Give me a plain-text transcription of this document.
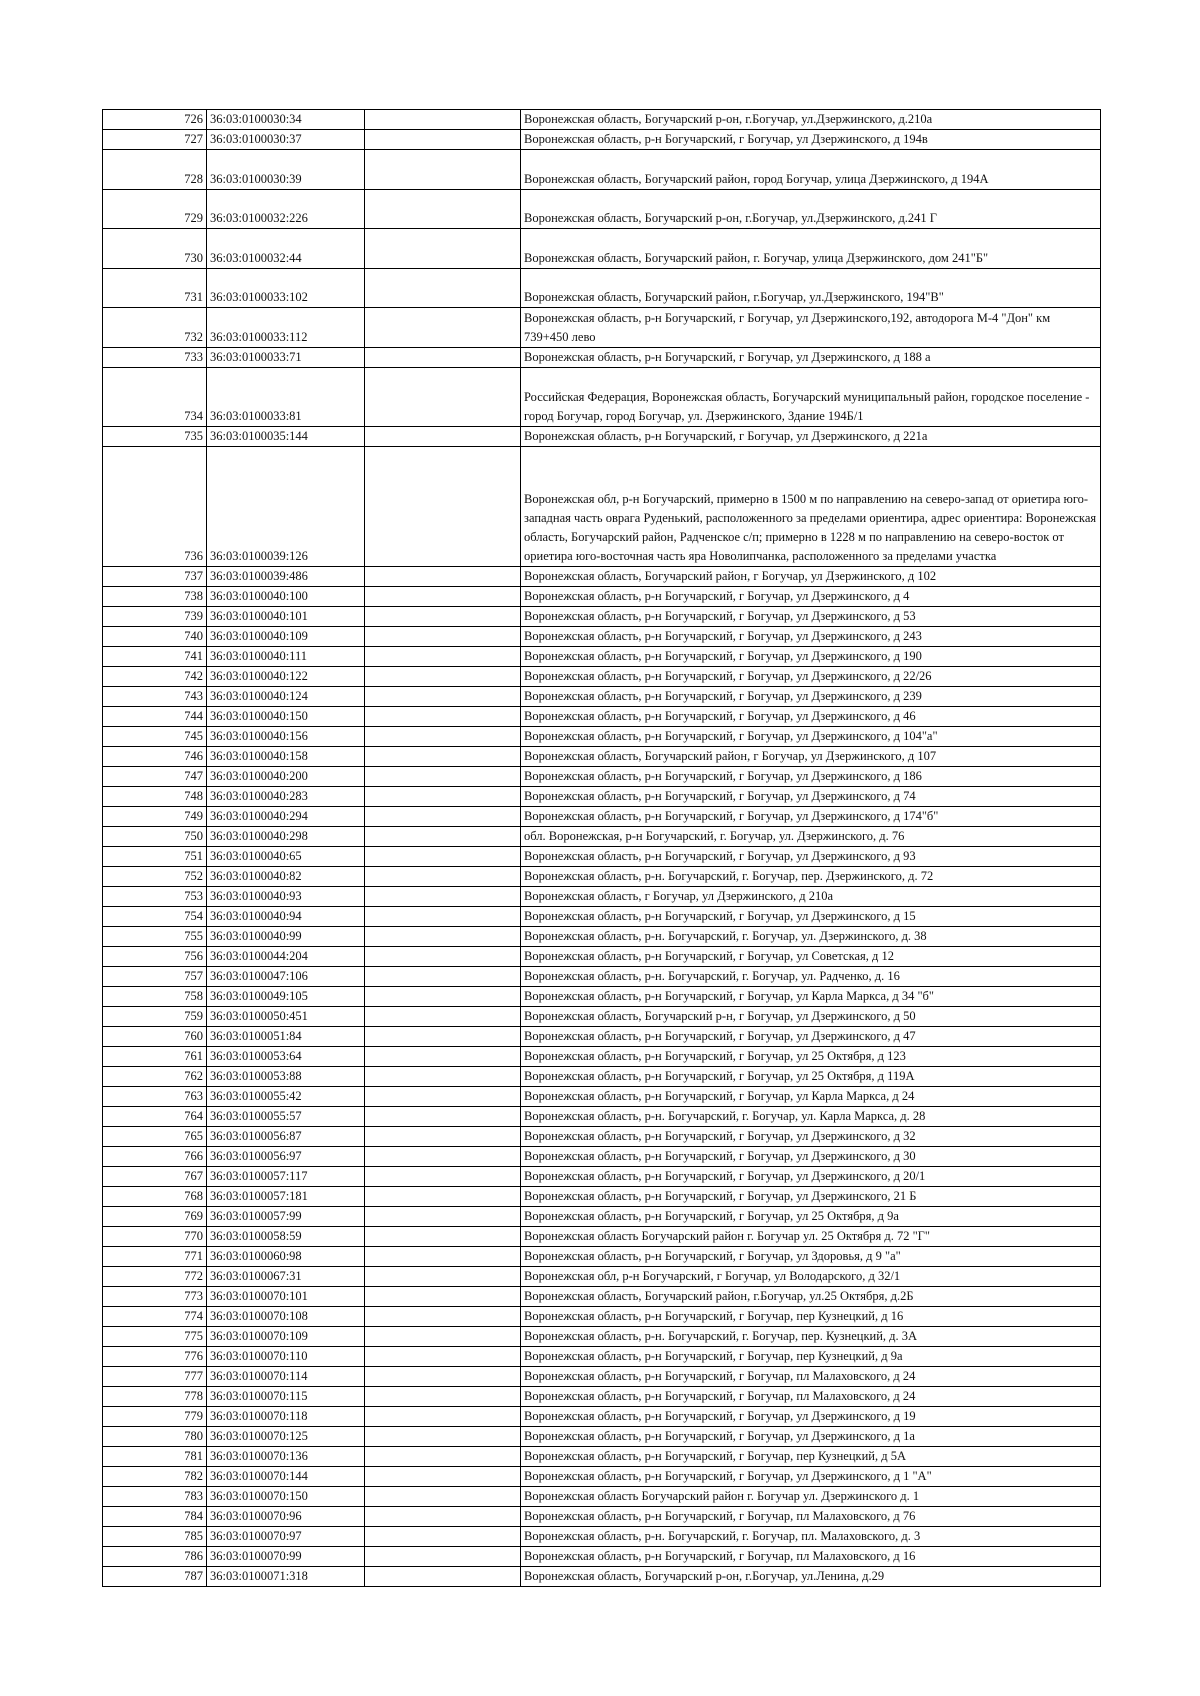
726	36:03:0100030:34		Воронежская область, Богучарский р-он, г.Богучар, ул.Дзержинского, д.210а
727	36:03:0100030:37		Воронежская область, р-н Богучарский, г Богучар, ул Дзержинского, д 194в
728	36:03:0100030:39		Воронежская область, Богучарский район, город Богучар, улица Дзержинского, д 194А
729	36:03:0100032:226		Воронежская область, Богучарский р-он, г.Богучар, ул.Дзержинского, д.241 Г
730	36:03:0100032:44		Воронежская область, Богучарский район, г. Богучар, улица Дзержинского, дом 241"Б"
731	36:03:0100033:102		Воронежская область, Богучарский район, г.Богучар, ул.Дзержинского, 194"В"
732	36:03:0100033:112		Воронежская область, р-н Богучарский, г Богучар, ул Дзержинского,192, автодорога М-4 "Дон" км 739+450 лево
733	36:03:0100033:71		Воронежская область, р-н Богучарский, г Богучар, ул Дзержинского, д 188 а
734	36:03:0100033:81		Российская Федерация, Воронежская область, Богучарский муниципальный район, городское поселение - город Богучар, город Богучар, ул. Дзержинского, Здание 194Б/1
735	36:03:0100035:144		Воронежская область, р-н Богучарский, г Богучар, ул Дзержинского, д 221а
736	36:03:0100039:126		Воронежская обл, р-н Богучарский, примерно в 1500 м по направлению на северо-запад от ориетира юго-западная часть оврага Руденький, расположенного за пределами ориентира, адрес ориентира: Воронежская область, Богучарский район, Радченское с/п; примерно в 1228 м по направлению на северо-восток от ориетира юго-восточная часть яра Новолипчанка, расположенного за пределами участка
737	36:03:0100039:486		Воронежская область, Богучарский район, г Богучар, ул Дзержинского, д 102
738	36:03:0100040:100		Воронежская область, р-н Богучарский, г Богучар, ул Дзержинского, д 4
739	36:03:0100040:101		Воронежская область, р-н Богучарский, г Богучар, ул Дзержинского, д 53
740	36:03:0100040:109		Воронежская область, р-н Богучарский, г Богучар, ул Дзержинского, д 243
741	36:03:0100040:111		Воронежская область, р-н Богучарский, г Богучар, ул Дзержинского, д 190
742	36:03:0100040:122		Воронежская область, р-н Богучарский, г Богучар, ул Дзержинского, д 22/26
743	36:03:0100040:124		Воронежская область, р-н Богучарский, г Богучар, ул Дзержинского, д 239
744	36:03:0100040:150		Воронежская область, р-н Богучарский, г Богучар, ул Дзержинского, д 46
745	36:03:0100040:156		Воронежская область, р-н Богучарский, г Богучар, ул Дзержинского, д 104"а"
746	36:03:0100040:158		Воронежская область, Богучарский район, г Богучар, ул Дзержинского, д 107
747	36:03:0100040:200		Воронежская область, р-н Богучарский, г Богучар, ул Дзержинского, д 186
748	36:03:0100040:283		Воронежская область, р-н Богучарский, г Богучар, ул Дзержинского, д 74
749	36:03:0100040:294		Воронежская область, р-н Богучарский, г Богучар, ул Дзержинского, д 174"б"
750	36:03:0100040:298		обл. Воронежская, р-н Богучарский, г. Богучар, ул. Дзержинского, д. 76
751	36:03:0100040:65		Воронежская область, р-н Богучарский, г Богучар, ул Дзержинского, д 93
752	36:03:0100040:82		Воронежская область, р-н. Богучарский, г. Богучар, пер. Дзержинского, д. 72
753	36:03:0100040:93		Воронежская область, г Богучар, ул Дзержинского, д 210а
754	36:03:0100040:94		Воронежская область, р-н Богучарский, г Богучар, ул Дзержинского, д 15
755	36:03:0100040:99		Воронежская область, р-н. Богучарский, г. Богучар, ул. Дзержинского, д. 38
756	36:03:0100044:204		Воронежская область, р-н Богучарский, г Богучар, ул Советская, д 12
757	36:03:0100047:106		Воронежская область, р-н. Богучарский, г. Богучар, ул. Радченко, д. 16
758	36:03:0100049:105		Воронежская область, р-н Богучарский, г Богучар, ул Карла Маркса, д 34 "б"
759	36:03:0100050:451		Воронежская область, Богучарский р-н, г Богучар, ул Дзержинского, д 50
760	36:03:0100051:84		Воронежская область, р-н Богучарский, г Богучар, ул Дзержинского, д 47
761	36:03:0100053:64		Воронежская область, р-н Богучарский, г Богучар, ул 25 Октября, д 123
762	36:03:0100053:88		Воронежская область, р-н Богучарский, г Богучар, ул 25 Октября, д 119А
763	36:03:0100055:42		Воронежская область, р-н Богучарский, г Богучар, ул Карла Маркса, д 24
764	36:03:0100055:57		Воронежская область, р-н. Богучарский, г. Богучар, ул. Карла Маркса, д. 28
765	36:03:0100056:87		Воронежская область, р-н Богучарский, г Богучар, ул Дзержинского, д 32
766	36:03:0100056:97		Воронежская область, р-н Богучарский, г Богучар, ул Дзержинского, д 30
767	36:03:0100057:117		Воронежская область, р-н Богучарский, г Богучар, ул Дзержинского, д 20/1
768	36:03:0100057:181		Воронежская область, р-н Богучарский, г Богучар, ул Дзержинского, 21 Б
769	36:03:0100057:99		Воронежская область, р-н Богучарский, г Богучар, ул 25 Октября, д 9а
770	36:03:0100058:59		Воронежская область Богучарский район г. Богучар ул. 25 Октября д. 72 "Г"
771	36:03:0100060:98		Воронежская область, р-н Богучарский, г Богучар, ул Здоровья, д 9 "а"
772	36:03:0100067:31		Воронежская обл, р-н Богучарский, г Богучар, ул Володарского, д 32/1
773	36:03:0100070:101		Воронежская область, Богучарский район, г.Богучар, ул.25 Октября, д.2Б
774	36:03:0100070:108		Воронежская область, р-н Богучарский, г Богучар, пер Кузнецкий, д 16
775	36:03:0100070:109		Воронежская область, р-н. Богучарский, г. Богучар, пер. Кузнецкий, д. 3А
776	36:03:0100070:110		Воронежская область, р-н Богучарский, г Богучар, пер Кузнецкий, д 9а
777	36:03:0100070:114		Воронежская область, р-н Богучарский, г Богучар, пл Малаховского, д 24
778	36:03:0100070:115		Воронежская область, р-н Богучарский, г Богучар, пл Малаховского, д 24
779	36:03:0100070:118		Воронежская область, р-н Богучарский, г Богучар, ул Дзержинского, д 19
780	36:03:0100070:125		Воронежская область, р-н Богучарский, г Богучар, ул Дзержинского, д 1а
781	36:03:0100070:136		Воронежская область, р-н Богучарский, г Богучар, пер Кузнецкий, д 5А
782	36:03:0100070:144		Воронежская область, р-н Богучарский, г Богучар, ул Дзержинского, д 1 "А"
783	36:03:0100070:150		Воронежская область Богучарский район г. Богучар ул. Дзержинского д. 1
784	36:03:0100070:96		Воронежская область, р-н Богучарский, г Богучар, пл Малаховского, д 76
785	36:03:0100070:97		Воронежская область, р-н. Богучарский, г. Богучар, пл. Малаховского, д. 3
786	36:03:0100070:99		Воронежская область, р-н Богучарский, г Богучар, пл Малаховского, д 16
787	36:03:0100071:318		Воронежская область, Богучарский р-он, г.Богучар, ул.Ленина, д.29
